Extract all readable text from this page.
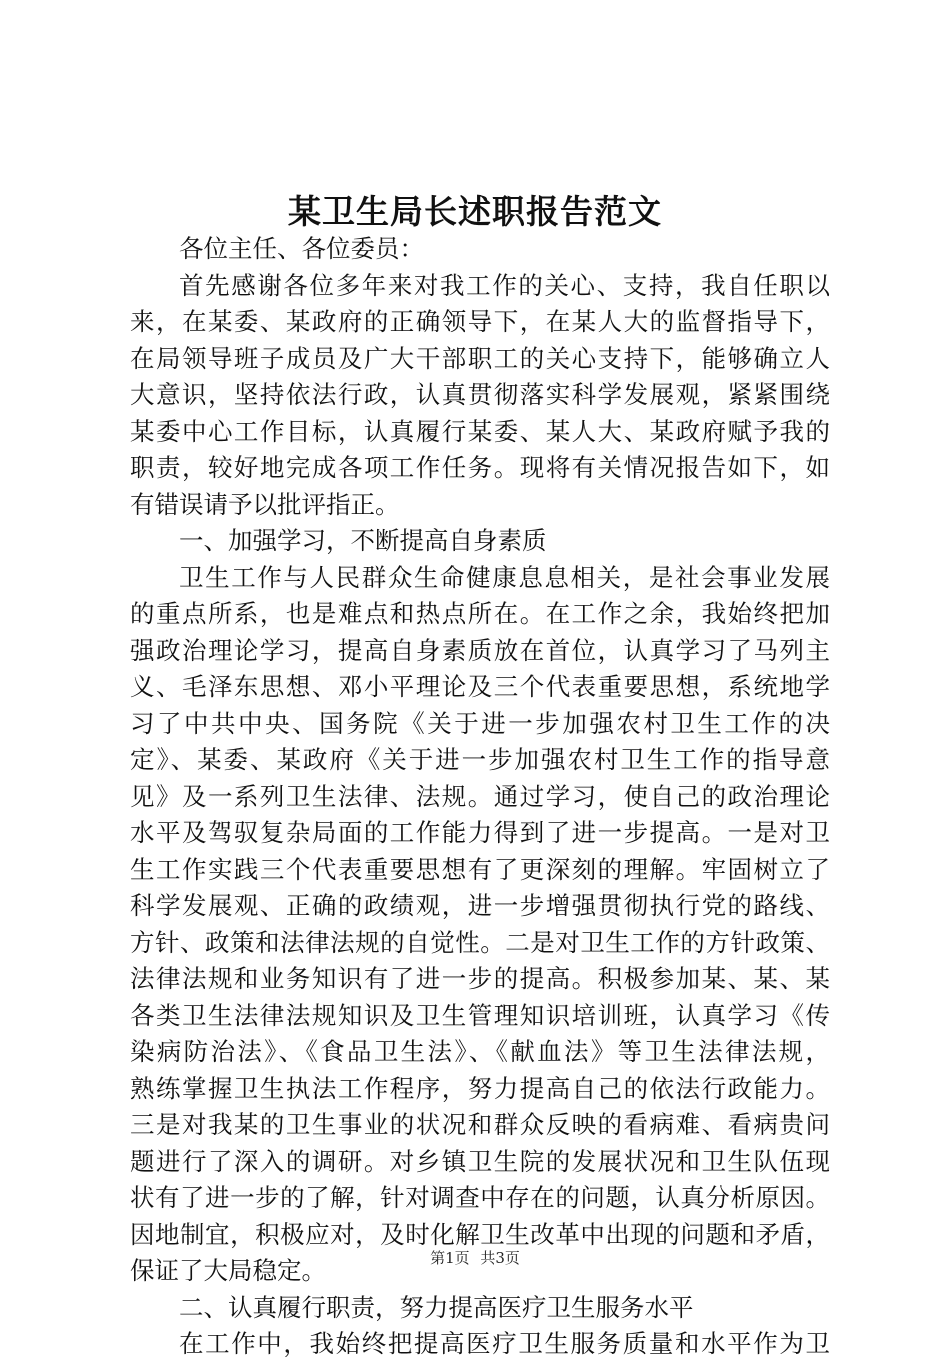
某卫生局长述职报告范文
各位主任、各位委员：
首先感谢各位多年来对我工作的关心、支持，我自任职以
来，在某委、某政府的正确领导下，在某人大的监督指导下，
在局领导班子成员及广大干部职工的关心支持下，能够确立人
大意识，坚持依法行政，认真贯彻落实科学发展观，紧紧围绕
某委中心工作目标，认真履行某委、某人大、某政府赋予我的
职责，较好地完成各项工作任务。现将有关情况报告如下，如
有错误请予以批评指正。
一、加强学习，不断提高自身素质
卫生工作与人民群众生命健康息息相关，是社会事业发展
的重点所系，也是难点和热点所在。在工作之余，我始终把加
强政治理论学习，提高自身素质放在首位，认真学习了马列主
义、毛泽东思想、邓小平理论及三个代表重要思想，系统地学
习了中共中央、国务院《关于进一步加强农村卫生工作的决
定》、某委、某政府《关于进一步加强农村卫生工作的指导意
见》及一系列卫生法律、法规。通过学习，使自己的政治理论
水平及驾驭复杂局面的工作能力得到了进一步提高。一是对卫
生工作实践三个代表重要思想有了更深刻的理解。牢固树立了
科学发展观、正确的政绩观，进一步增强贯彻执行党的路线、
方针、政策和法律法规的自觉性。二是对卫生工作的方针政策、
法律法规和业务知识有了进一步的提高。积极参加某、某、某
各类卫生法律法规知识及卫生管理知识培训班，认真学习《传
染病防治法》、《食品卫生法》、《献血法》等卫生法律法规，
熟练掌握卫生执法工作程序，努力提高自己的依法行政能力。
三是对我某的卫生事业的状况和群众反映的看病难、看病贵问
题进行了深入的调研。对乡镇卫生院的发展状况和卫生队伍现
状有了进一步的了解，针对调查中存在的问题，认真分析原因。
因地制宜，积极应对，及时化解卫生改革中出现的问题和矛盾，
保证了大局稳定。
二、认真履行职责，努力提高医疗卫生服务水平
在工作中，我始终把提高医疗卫生服务质量和水平作为卫
第1页 共3页
